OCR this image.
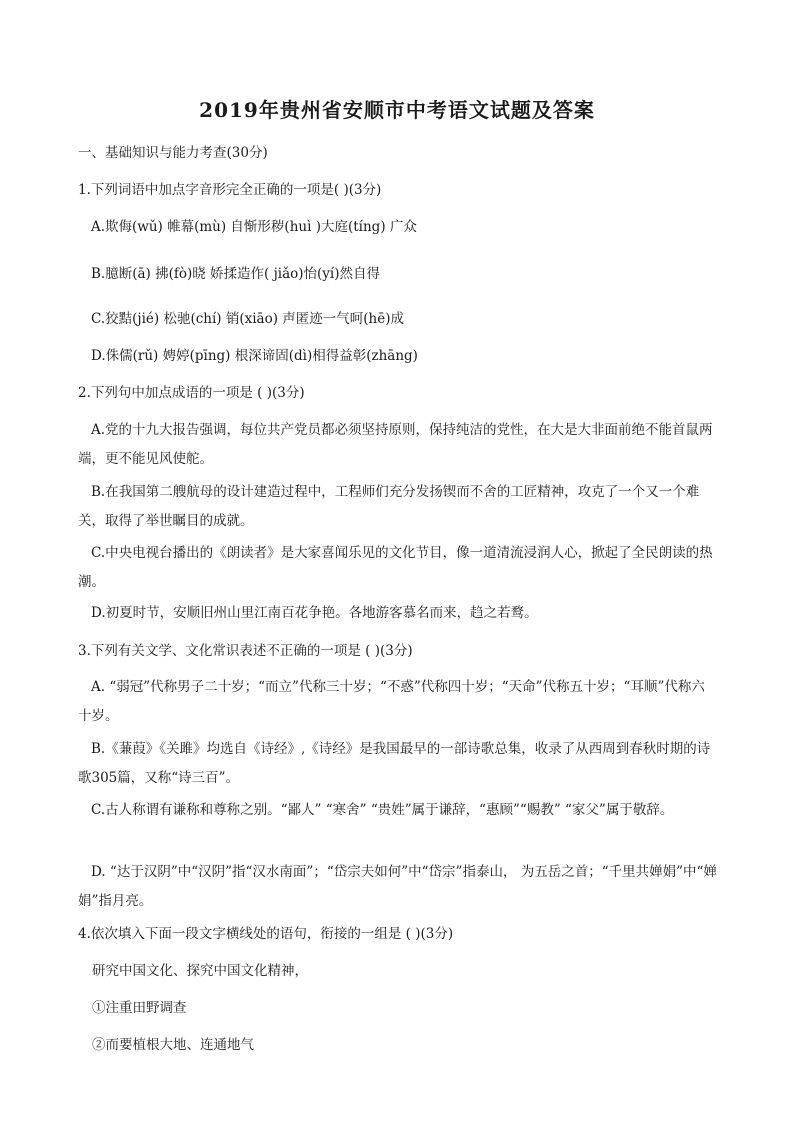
2019年贵州省安顺市中考语文试题及答案
一、基础知识与能力考查(30分)
1.下列词语中加点字音形完全正确的一项是( )(3分)
A.欺侮(wǔ) 帷幕(mù) 自惭形秽(huì )大庭(tíng) 广众
B.臆断(ā) 拂(fò)晓 娇揉造作( jiǎo)怡(yí)然自得
C.狡黠(jié) 松驰(chí) 销(xiāo) 声匿迹一气呵(hē)成
D.侏儒(rǔ) 娉婷(pīng) 根深谛固(dì)相得益彰(zhāng)
2.下列句中加点成语的一项是 ( )(3分)
A.党的十九大报告强调，每位共产党员都必须坚持原则，保持纯洁的党性，在大是大非面前绝不能首鼠两端，更不能见风使舵。
B.在我国第二艘航母的设计建造过程中，工程师们充分发扬锲而不舍的工匠精神，攻克了一个又一个难关，取得了举世瞩目的成就。
C.中央电视台播出的《朗读者》是大家喜闻乐见的文化节目，像一道清流浸润人心，掀起了全民朗读的热潮。
D.初夏时节，安顺旧州山里江南百花争艳。各地游客慕名而来，趋之若鹜。
3.下列有关文学、文化常识表述不正确的一项是 ( )(3分)
A. “弱冠”代称男子二十岁；“而立”代称三十岁；“不惑”代称四十岁；“天命”代称五十岁；“耳顺”代称六十岁。
B.《蒹葭》《关雎》均选自《诗经》,《诗经》是我国最早的一部诗歌总集，收录了从西周到春秋时期的诗歌305篇，又称“诗三百”。
C.古人称谓有谦称和尊称之别。“鄙人” “寒舍” “贵姓”属于谦辞，“惠顾”“赐教” “家父”属于敬辞。
D. “达于汉阴”中“汉阴”指“汉水南面”；“岱宗夫如何”中“岱宗”指泰山， 为五岳之首；“千里共婵娟”中“婵娟”指月亮。
4.依次填入下面一段文字横线处的语句，衔接的一组是 ( )(3分)
研究中国文化、探究中国文化精神，
①注重田野调查
②而要植根大地、连通地气
